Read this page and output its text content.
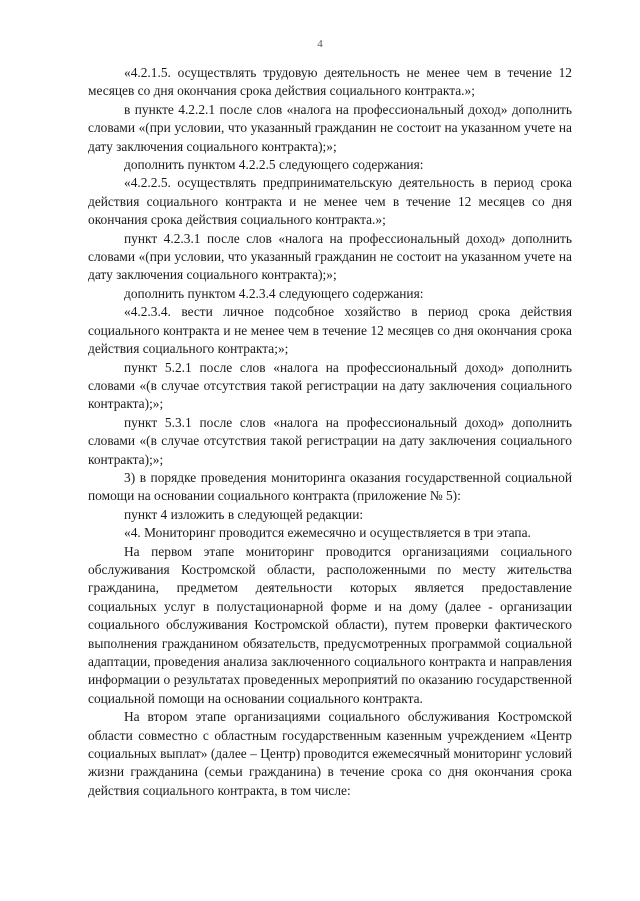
4

«4.2.1.5. осуществлять трудовую деятельность не менее чем в течение 12 месяцев со дня окончания срока действия социального контракта.»;

в пункте 4.2.2.1 после слов «налога на профессиональный доход» дополнить словами «(при условии, что указанный гражданин не состоит на указанном учете на дату заключения социального контракта);»;

дополнить пунктом 4.2.2.5 следующего содержания:

«4.2.2.5. осуществлять предпринимательскую деятельность в период срока действия социального контракта и не менее чем в течение 12 месяцев со дня окончания срока действия социального контракта.»;

пункт 4.2.3.1 после слов «налога на профессиональный доход» дополнить словами «(при условии, что указанный гражданин не состоит на указанном учете на дату заключения социального контракта);»;

дополнить пунктом 4.2.3.4 следующего содержания:

«4.2.3.4. вести личное подсобное хозяйство в период срока действия социального контракта и не менее чем в течение 12 месяцев со дня окончания срока действия социального контракта;»;

пункт 5.2.1 после слов «налога на профессиональный доход» дополнить словами «(в случае отсутствия такой регистрации на дату заключения социального контракта);»;

пункт 5.3.1 после слов «налога на профессиональный доход» дополнить словами «(в случае отсутствия такой регистрации на дату заключения социального контракта);»;

3) в порядке проведения мониторинга оказания государственной социальной помощи на основании социального контракта (приложение № 5):

пункт 4 изложить в следующей редакции:

«4. Мониторинг проводится ежемесячно и осуществляется в три этапа.

На первом этапе мониторинг проводится организациями социального обслуживания Костромской области, расположенными по месту жительства гражданина, предметом деятельности которых является предоставление социальных услуг в полустационарной форме и на дому (далее - организации социального обслуживания Костромской области), путем проверки фактического выполнения гражданином обязательств, предусмотренных программой социальной адаптации, проведения анализа заключенного социального контракта и направления информации о результатах проведенных мероприятий по оказанию государственной социальной помощи на основании социального контракта.

На втором этапе организациями социального обслуживания Костромской области совместно с областным государственным казенным учреждением «Центр социальных выплат» (далее – Центр) проводится ежемесячный мониторинг условий жизни гражданина (семьи гражданина) в течение срока со дня окончания срока действия социального контракта, в том числе:
